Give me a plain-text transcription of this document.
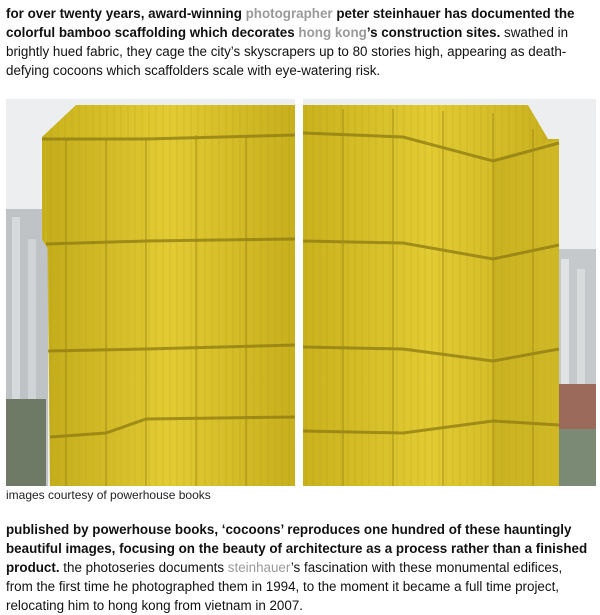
for over twenty years, award-winning photographer peter steinhauer has documented the colorful bamboo scaffolding which decorates hong kong’s construction sites. swathed in brightly hued fabric, they cage the city’s skyscrapers up to 80 stories high, appearing as death-defying cocoons which scaffolders scale with eye-watering risk.

images courtesy of powerhouse books

published by powerhouse books, ‘cocoons’ reproduces one hundred of these hauntingly beautiful images, focusing on the beauty of architecture as a process rather than a finished product. the photoseries documents steinhauer’s fascination with these monumental edifices, from the first time he photographed them in 1994, to the moment it became a full time project, relocating him to hong kong from vietnam in 2007.
